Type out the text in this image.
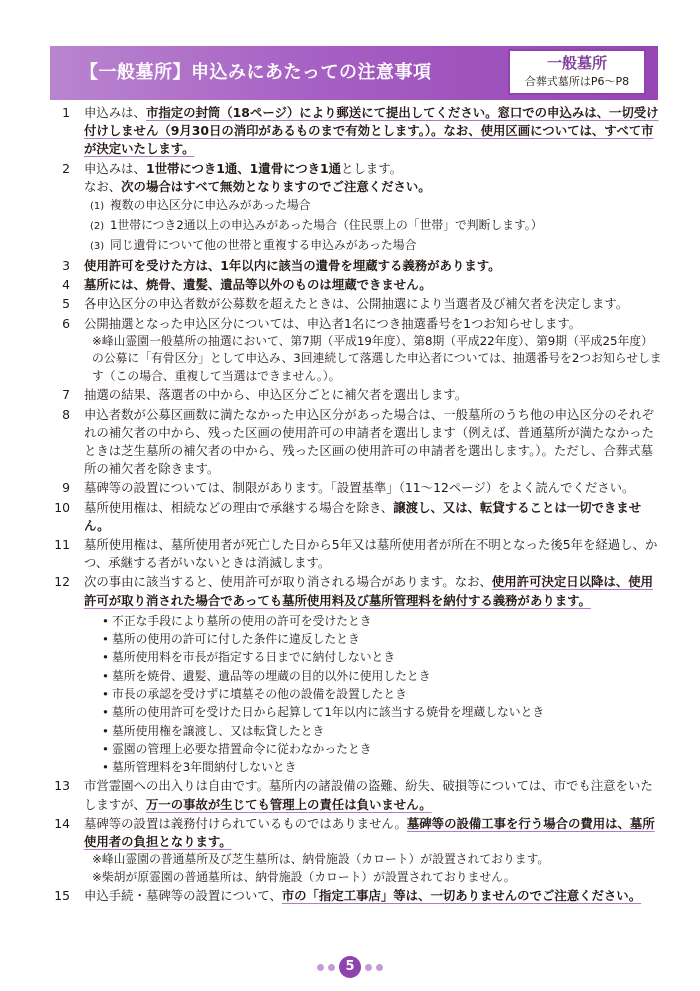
【一般墓所】申込みにあたっての注意事項	一般墓所
合葬式墓所はP6～P8
1 申込みは、市指定の封筒（18ページ）により郵送にて提出してください。窓口での申込みは、一切受け付けしません（9月30日の消印があるものまで有効とします。）。なお、使用区画については、すべて市が決定いたします。

2 申込みは、1世帯につき1通、1遺骨につき1通とします。

なお、次の場合はすべて無効となりますのでご注意ください。

(1) 複数の申込区分に申込みがあった場合
(2) 1世帯につき2通以上の申込みがあった場合（住民票上の「世帯」で判断します。）
(3) 同じ遺骨について他の世帯と重複する申込みがあった場合
3 使用許可を受けた方は、1年以内に該当の遺骨を埋蔵する義務があります。

4 墓所には、焼骨、遺髪、遺品等以外のものは埋蔵できません。

5 各申込区分の申込者数が公募数を超えたときは、公開抽選により当選者及び補欠者を決定します。

6 公開抽選となった申込区分については、申込者1名につき抽選番号を1つお知らせします。

※峰山霊園一般墓所の抽選において、第7期（平成19年度）、第8期（平成22年度）、第9期（平成25年度）の公募に「有骨区分」として申込み、3回連続して落選した申込者については、抽選番号を2つお知らせします（この場合、重複して当選はできません。）。
7 抽選の結果、落選者の中から、申込区分ごとに補欠者を選出します。

8 申込者数が公募区画数に満たなかった申込区分があった場合は、一般墓所のうち他の申込区分のそれぞれの補欠者の中から、残った区画の使用許可の申請者を選出します（例えば、普通墓所が満たなかったときは芝生墓所の補欠者の中から、残った区画の使用許可の申請者を選出します。）。ただし、合葬式墓所の補欠者を除きます。

9 墓碑等の設置については、制限があります。「設置基準」（11～12ページ）をよく読んでください。

10 墓所使用権は、相続などの理由で承継する場合を除き、譲渡し、又は、転貸することは一切できません。

11 墓所使用権は、墓所使用者が死亡した日から5年又は墓所使用者が所在不明となった後5年を経過し、かつ、承継する者がいないときは消滅します。

12 次の事由に該当すると、使用許可が取り消される場合があります。なお、使用許可決定日以降は、使用許可が取り消された場合であっても墓所使用料及び墓所管理料を納付する義務があります。

• 不正な手段により墓所の使用の許可を受けたとき
• 墓所の使用の許可に付した条件に違反したとき
• 墓所使用料を市長が指定する日までに納付しないとき
• 墓所を焼骨、遺髪、遺品等の埋蔵の目的以外に使用したとき
• 市長の承認を受けずに墳墓その他の設備を設置したとき
• 墓所の使用許可を受けた日から起算して1年以内に該当する焼骨を埋蔵しないとき
• 墓所使用権を譲渡し、又は転貸したとき
• 霊園の管理上必要な措置命令に従わなかったとき
• 墓所管理料を3年間納付しないとき
13 市営霊園への出入りは自由です。墓所内の諸設備の盗難、紛失、破損等については、市でも注意をいたしますが、万一の事故が生じても管理上の責任は負いません。

14 墓碑等の設置は義務付けられているものではありません。墓碑等の設備工事を行う場合の費用は、墓所使用者の負担となります。

※峰山霊園の普通墓所及び芝生墓所は、納骨施設（カロート）が設置されております。
※柴胡が原霊園の普通墓所は、納骨施設（カロート）が設置されておりません。
15 申込手続・墓碑等の設置について、市の「指定工事店」等は、一切ありませんのでご注意ください。

5
